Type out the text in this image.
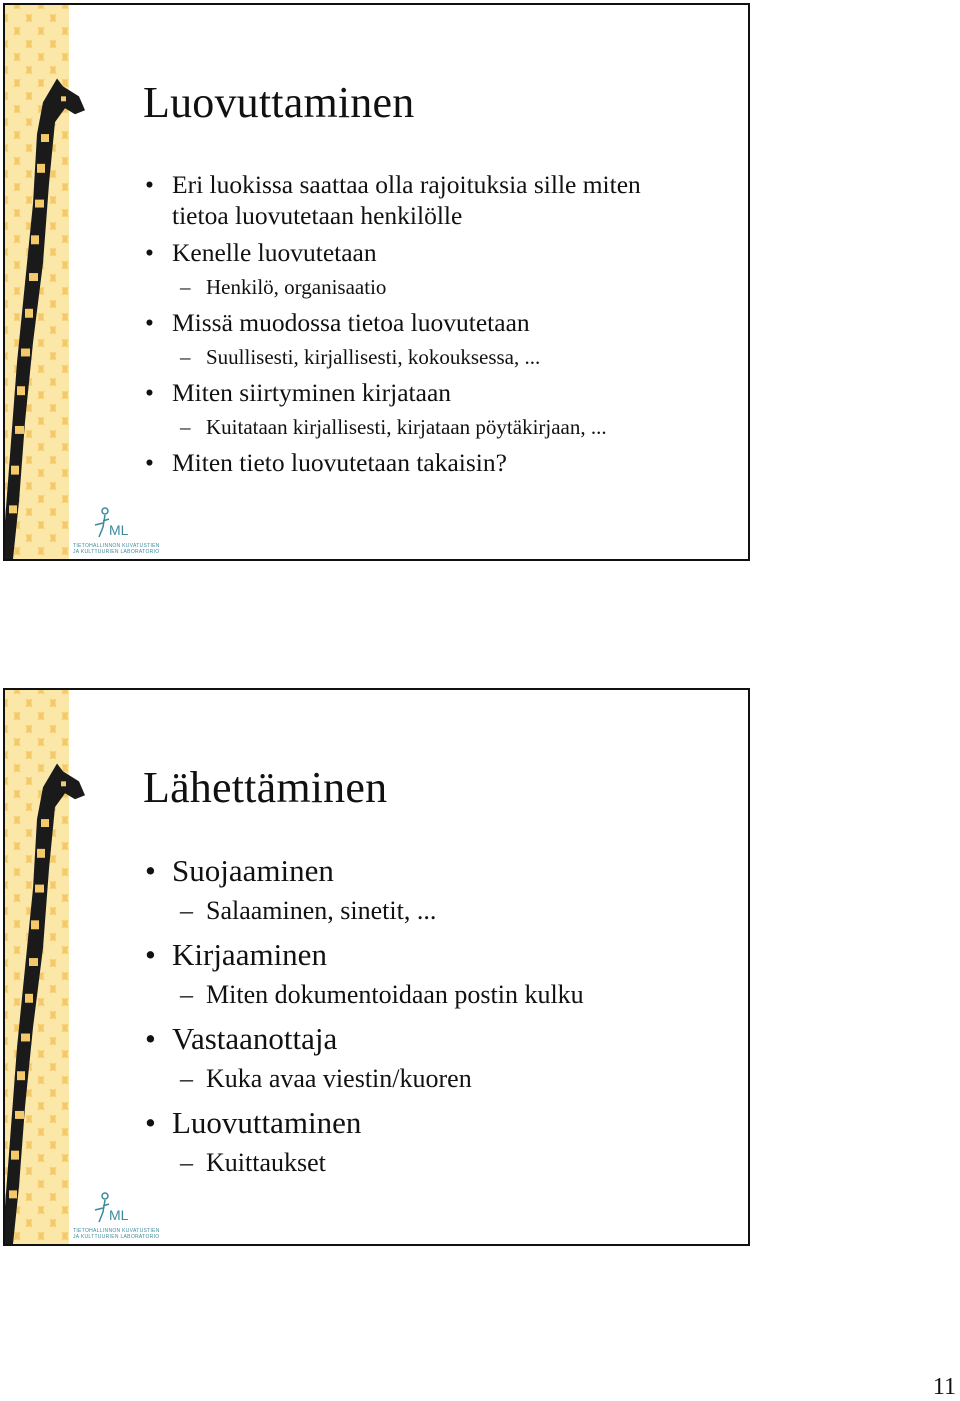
Luovuttaminen
• Eri luokissa saattaa olla rajoituksia sille miten tietoa luovutetaan henkilölle
• Kenelle luovutetaan
– Henkilö, organisaatio
• Missä muodossa tietoa luovutetaan
– Suullisesti, kirjallisesti, kokouksessa, ...
• Miten siirtyminen kirjataan
– Kuitataan kirjallisesti, kirjataan pöytäkirjaan, ...
• Miten tieto luovutetaan takaisin?
ML
TIETOHALLINNON KUVATUSTIEN
JA KULTTUURIEN LABORATORIO
Lähettäminen
• Suojaaminen
– Salaaminen, sinetit, ...
• Kirjaaminen
– Miten dokumentoidaan postin kulku
• Vastaanottaja
– Kuka avaa viestin/kuoren
• Luovuttaminen
– Kuittaukset
ML
TIETOHALLINNON KUVATUSTIEN
JA KULTTUURIEN LABORATORIO
11
